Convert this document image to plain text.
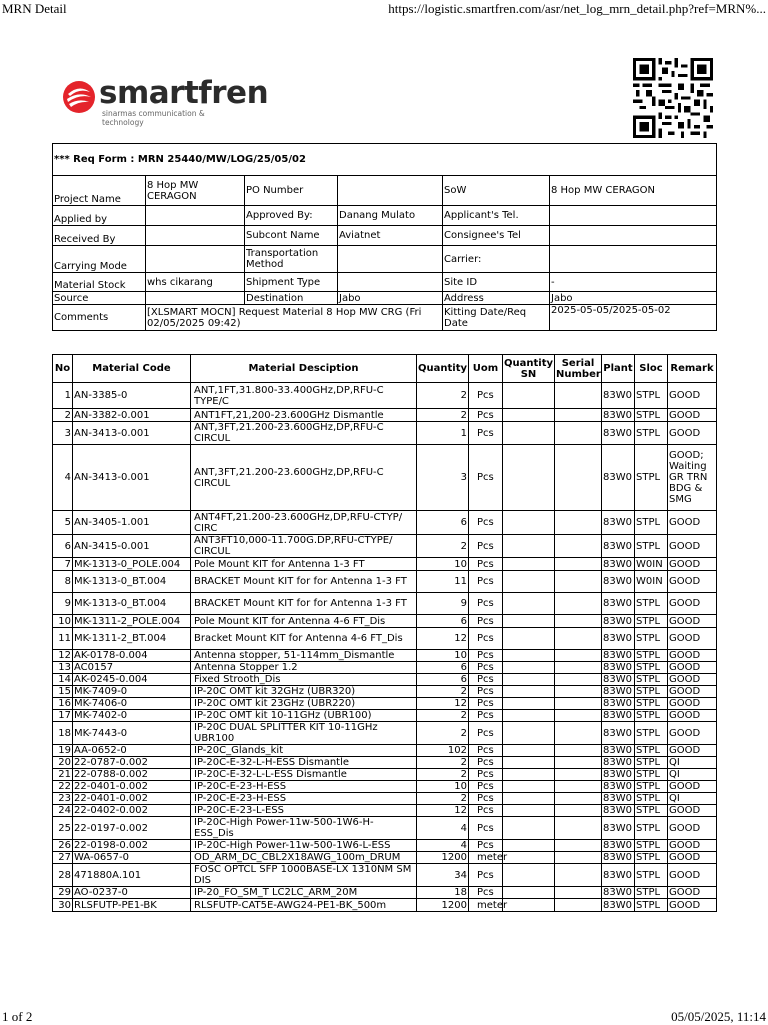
MRN Detail	https://logistic.smartfren.com/asr/net_log_mrn_detail.php?ref=MRN%...
smartfren
sinarmas communication & technology
*** Req Form : MRN 25440/MW/LOG/25/05/02					
Project Name	8 Hop MW CERAGON	PO Number		SoW	8 Hop MW CERAGON
Applied by		Approved By:	Danang Mulato	Applicant's Tel.	
Received By		Subcont Name	Aviatnet	Consignee's Tel	
Carrying Mode		Transportation Method		Carrier:	
Material Stock	whs cikarang	Shipment Type		Site ID	-
Source		Destination	Jabo	Address	Jabo
Comments	[XLSMART MOCN] Request Material 8 Hop MW CRG (Fri 02/05/2025 09:42)			Kitting Date/Req Date	2025-05-05/2025-05-02
No	Material Code	Material Desciption	Quantity	Uom	Quantity SN	Serial Number	Plant	Sloc	Remark
1	AN-3385-0	ANT,1FT,31.800-33.400GHz,DP,RFU-C TYPE/C	2	Pcs			83W0	STPL	GOOD
2	AN-3382-0.001	ANT1FT,21,200-23.600GHz Dismantle	2	Pcs			83W0	STPL	GOOD
3	AN-3413-0.001	ANT,3FT,21.200-23.600GHz,DP,RFU-C CIRCUL	1	Pcs			83W0	STPL	GOOD
4	AN-3413-0.001	ANT,3FT,21.200-23.600GHz,DP,RFU-C CIRCUL	3	Pcs			83W0	STPL	GOOD; Waiting GR TRN BDG & SMG
5	AN-3405-1.001	ANT4FT,21.200-23.600GHz,DP,RFU-CTYP/ CIRC	6	Pcs			83W0	STPL	GOOD
6	AN-3415-0.001	ANT3FT10,000-11.700G.DP,RFU-CTYPE/ CIRCUL	2	Pcs			83W0	STPL	GOOD
7	MK-1313-0_POLE.004	Pole Mount KIT for Antenna 1-3 FT	10	Pcs			83W0	W0IN	GOOD
8	MK-1313-0_BT.004	BRACKET Mount KIT for for Antenna 1-3 FT	11	Pcs			83W0	W0IN	GOOD
9	MK-1313-0_BT.004	BRACKET Mount KIT for for Antenna 1-3 FT	9	Pcs			83W0	STPL	GOOD
10	MK-1311-2_POLE.004	Pole Mount KIT for Antenna 4-6 FT_Dis	6	Pcs			83W0	STPL	GOOD
11	MK-1311-2_BT.004	Bracket Mount KIT for Antenna 4-6 FT_Dis	12	Pcs			83W0	STPL	GOOD
12	AK-0178-0.004	Antenna stopper, 51-114mm_Dismantle	10	Pcs			83W0	STPL	GOOD
13	AC0157	Antenna Stopper 1.2	6	Pcs			83W0	STPL	GOOD
14	AK-0245-0.004	Fixed Strooth_Dis	6	Pcs			83W0	STPL	GOOD
15	MK-7409-0	IP-20C OMT kit 32GHz (UBR320)	2	Pcs			83W0	STPL	GOOD
16	MK-7406-0	IP-20C OMT kit 23GHz (UBR220)	12	Pcs			83W0	STPL	GOOD
17	MK-7402-0	IP-20C OMT kit 10-11GHz (UBR100)	2	Pcs			83W0	STPL	GOOD
18	MK-7443-0	IP-20C DUAL SPLITTER KIT 10-11GHz UBR100	2	Pcs			83W0	STPL	GOOD
19	AA-0652-0	IP-20C_Glands_kit	102	Pcs			83W0	STPL	GOOD
20	22-0787-0.002	IP-20C-E-32-L-H-ESS Dismantle	2	Pcs			83W0	STPL	QI
21	22-0788-0.002	IP-20C-E-32-L-L-ESS Dismantle	2	Pcs			83W0	STPL	QI
22	22-0401-0.002	IP-20C-E-23-H-ESS	10	Pcs			83W0	STPL	GOOD
23	22-0401-0.002	IP-20C-E-23-H-ESS	2	Pcs			83W0	STPL	QI
24	22-0402-0.002	IP-20C-E-23-L-ESS	12	Pcs			83W0	STPL	GOOD
25	22-0197-0.002	IP-20C-High Power-11w-500-1W6-H- ESS_Dis	4	Pcs			83W0	STPL	GOOD
26	22-0198-0.002	IP-20C-High Power-11w-500-1W6-L-ESS	4	Pcs			83W0	STPL	GOOD
27	WA-0657-0	OD_ARM_DC_CBL2X18AWG_100m_DRUM	1200	meter			83W0	STPL	GOOD
28	471880A.101	FOSC OPTCL SFP 1000BASE-LX 1310NM SM DIS	34	Pcs			83W0	STPL	GOOD
29	AO-0237-0	IP-20_FO_SM_T LC2LC_ARM_20M	18	Pcs			83W0	STPL	GOOD
30	RLSFUTP-PE1-BK	RLSFUTP-CAT5E-AWG24-PE1-BK_500m	1200	meter			83W0	STPL	GOOD
1 of 2	05/05/2025, 11:14
